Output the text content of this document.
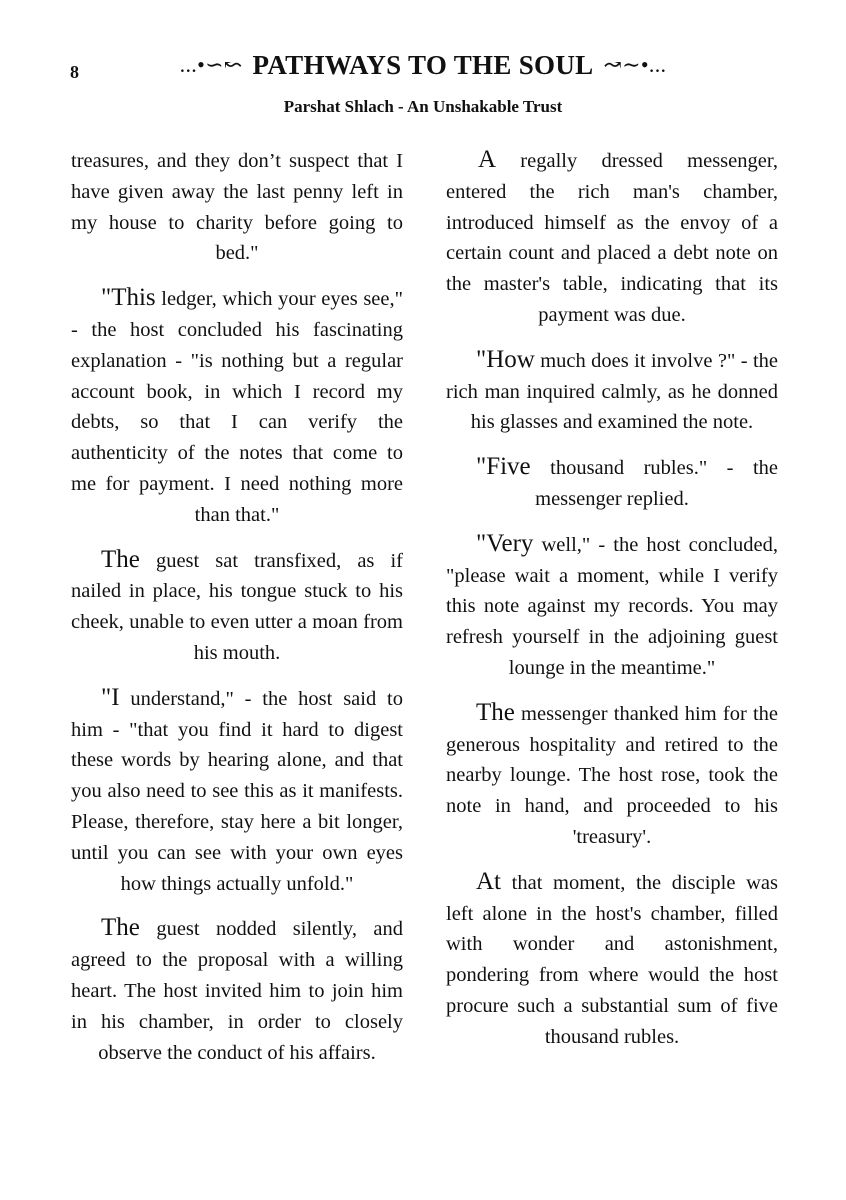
8	...•∽↜ PATHWAYS TO THE SOUL ↝∼•...
Parshat Shlach - An Unshakable Trust

treasures, and they don’t suspect that I have given away the last penny left in my house to charity before going to bed."

"This ledger, which your eyes see," - the host concluded his fascinating explanation - "is nothing but a regular account book, in which I record my debts, so that I can verify the authenticity of the notes that come to me for payment. I need nothing more than that."

The guest sat transfixed, as if nailed in place, his tongue stuck to his cheek, unable to even utter a moan from his mouth.

"I understand," - the host said to him - "that you find it hard to digest these words by hearing alone, and that you also need to see this as it manifests. Please, therefore, stay here a bit longer, until you can see with your own eyes how things actually unfold."

The guest nodded silently, and agreed to the proposal with a willing heart. The host invited him to join him in his chamber, in order to closely observe the conduct of his affairs.

A regally dressed messenger, entered the rich man's chamber, introduced himself as the envoy of a certain count and placed a debt note on the master's table, indicating that its payment was due.

"How much does it involve ?" - the rich man inquired calmly, as he donned his glasses and examined the note.

"Five thousand rubles." - the messenger replied.

"Very well," - the host concluded, "please wait a moment, while I verify this note against my records. You may refresh yourself in the adjoining guest lounge in the meantime."

The messenger thanked him for the generous hospitality and retired to the nearby lounge. The host rose, took the note in hand, and proceeded to his 'treasury'.

At that moment, the disciple was left alone in the host's chamber, filled with wonder and astonishment, pondering from where would the host procure such a substantial sum of five thousand rubles.
